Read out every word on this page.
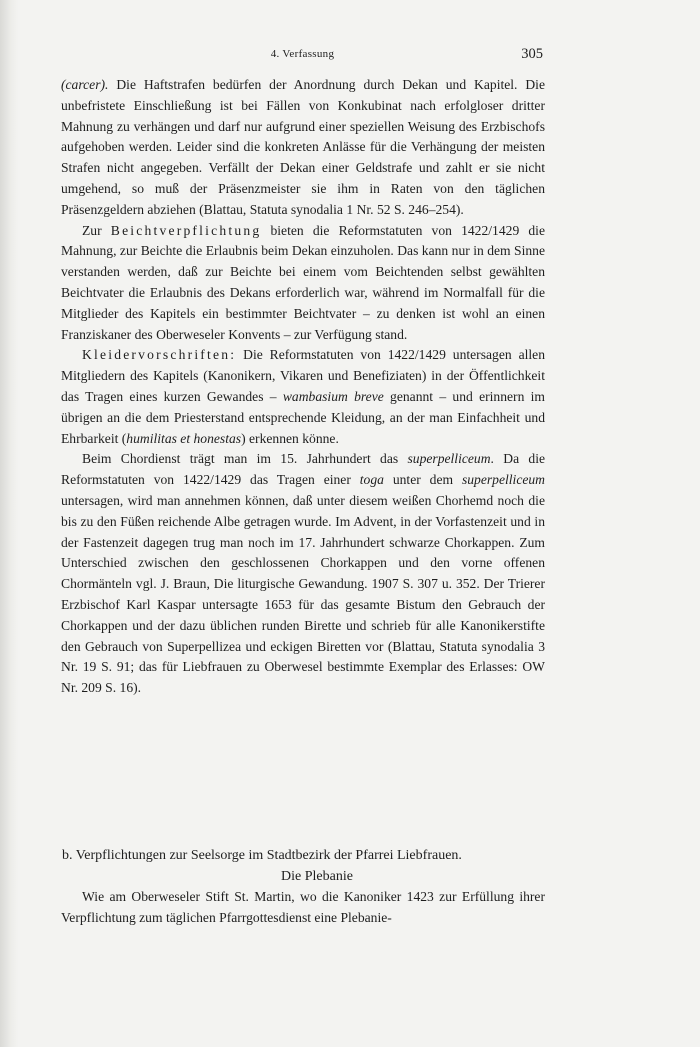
4. Verfassung	305

(carcer). Die Haftstrafen bedürfen der Anordnung durch Dekan und Kapitel. Die unbefristete Einschließung ist bei Fällen von Konkubinat nach erfolgloser dritter Mahnung zu verhängen und darf nur aufgrund einer speziellen Weisung des Erzbischofs aufgehoben werden. Leider sind die konkreten Anlässe für die Verhängung der meisten Strafen nicht angegeben. Verfällt der Dekan einer Geldstrafe und zahlt er sie nicht umgehend, so muß der Präsenzmeister sie ihm in Raten von den täglichen Präsenzgeldern abziehen (Blattau, Statuta synodalia 1 Nr. 52 S. 246–254).

Zur Beichtverpflichtung bieten die Reformstatuten von 1422/1429 die Mahnung, zur Beichte die Erlaubnis beim Dekan einzuholen. Das kann nur in dem Sinne verstanden werden, daß zur Beichte bei einem vom Beichtenden selbst gewählten Beichtvater die Erlaubnis des Dekans erforderlich war, während im Normalfall für die Mitglieder des Kapitels ein bestimmter Beichtvater – zu denken ist wohl an einen Franziskaner des Oberweseler Konvents – zur Verfügung stand.

Kleidervorschriften: Die Reformstatuten von 1422/1429 untersagen allen Mitgliedern des Kapitels (Kanonikern, Vikaren und Benefiziaten) in der Öffentlichkeit das Tragen eines kurzen Gewandes – wambasium breve genannt – und erinnern im übrigen an die dem Priesterstand entsprechende Kleidung, an der man Einfachheit und Ehrbarkeit (humilitas et honestas) erkennen könne.

Beim Chordienst trägt man im 15. Jahrhundert das superpelliceum. Da die Reformstatuten von 1422/1429 das Tragen einer toga unter dem superpelliceum untersagen, wird man annehmen können, daß unter diesem weißen Chorhemd noch die bis zu den Füßen reichende Albe getragen wurde. Im Advent, in der Vorfastenzeit und in der Fastenzeit dagegen trug man noch im 17. Jahrhundert schwarze Chorkappen. Zum Unterschied zwischen den geschlossenen Chorkappen und den vorne offenen Chormänteln vgl. J. Braun, Die liturgische Gewandung. 1907 S. 307 u. 352. Der Trierer Erzbischof Karl Kaspar untersagte 1653 für das gesamte Bistum den Gebrauch der Chorkappen und der dazu üblichen runden Birette und schrieb für alle Kanonikerstifte den Gebrauch von Superpellizea und eckigen Biretten vor (Blattau, Statuta synodalia 3 Nr. 19 S. 91; das für Liebfrauen zu Oberwesel bestimmte Exemplar des Erlasses: OW Nr. 209 S. 16).

b. Verpflichtungen zur Seelsorge im Stadtbezirk der Pfarrei Liebfrauen.
Die Plebanie

Wie am Oberweseler Stift St. Martin, wo die Kanoniker 1423 zur Erfüllung ihrer Verpflichtung zum täglichen Pfarrgottesdienst eine Plebanie-
